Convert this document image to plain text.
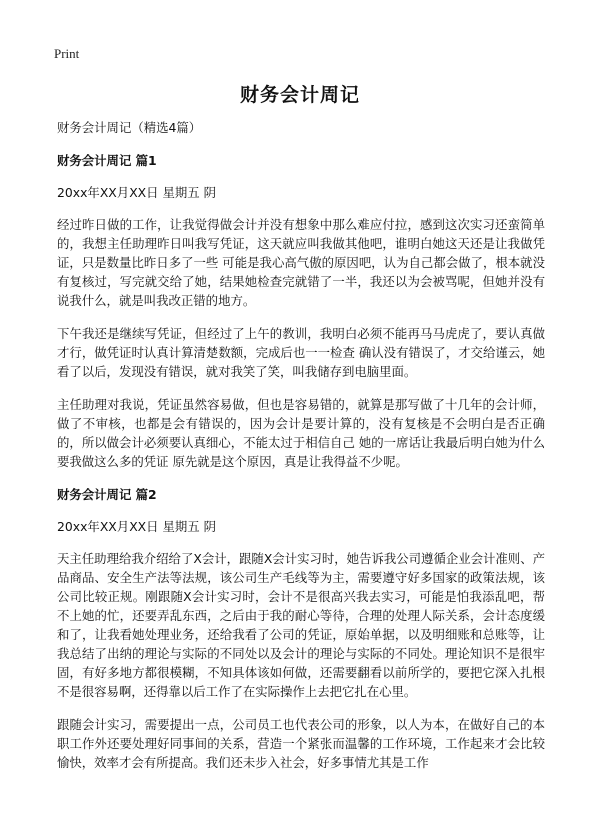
Print
财务会计周记
财务会计周记（精选4篇）
财务会计周记 篇1
20xx年XX月XX日 星期五 阴

经过昨日做的工作，让我觉得做会计并没有想象中那么难应付拉，感到这次实习还蛮简单的，我想主任助理昨日叫我写凭证，这天就应叫我做其他吧，谁明白她这天还是让我做凭证，只是数量比昨日多了一些 可能是我心高气傲的原因吧，认为自己都会做了，根本就没有复核过，写完就交给了她，结果她检查完就错了一半，我还以为会被骂呢，但她并没有说我什么，就是叫我改正错的地方。

下午我还是继续写凭证，但经过了上午的教训，我明白必须不能再马马虎虎了，要认真做才行，做凭证时认真计算清楚数额，完成后也一一检查 确认没有错误了，才交给谨云，她看了以后，发现没有错误，就对我笑了笑，叫我储存到电脑里面。

主任助理对我说，凭证虽然容易做，但也是容易错的，就算是那写做了十几年的会计师，做了不审核，也都是会有错误的，因为会计是要计算的，没有复核是不会明白是否正确的，所以做会计必须要认真细心，不能太过于相信自己 她的一席话让我最后明白她为什么要我做这么多的凭证 原先就是这个原因，真是让我得益不少呢。

财务会计周记 篇2
20xx年XX月XX日 星期五 阴

天主任助理给我介绍给了X会计，跟随X会计实习时，她告诉我公司遵循企业会计准则、产品商品、安全生产法等法规，该公司生产毛线等为主，需要遵守好多国家的政策法规，该公司比较正规。刚跟随X会计实习时，会计不是很高兴我去实习，可能是怕我添乱吧，帮不上她的忙，还要弄乱东西，之后由于我的耐心等待，合理的处理人际关系，会计态度缓和了，让我看她处理业务，还给我看了公司的凭证，原始单据，以及明细账和总账等，让我总结了出纳的理论与实际的不同处以及会计的理论与实际的不同处。理论知识不是很牢固，有好多地方都很模糊，不知具体该如何做，还需要翻看以前所学的，要把它深入扎根不是很容易啊，还得靠以后工作了在实际操作上去把它扎在心里。

跟随会计实习，需要提出一点，公司员工也代表公司的形象，以人为本，在做好自己的本职工作外还要处理好同事间的关系，营造一个紧张而温馨的工作环境，工作起来才会比较愉快，效率才会有所提高。我们还未步入社会，好多事情尤其是工作
